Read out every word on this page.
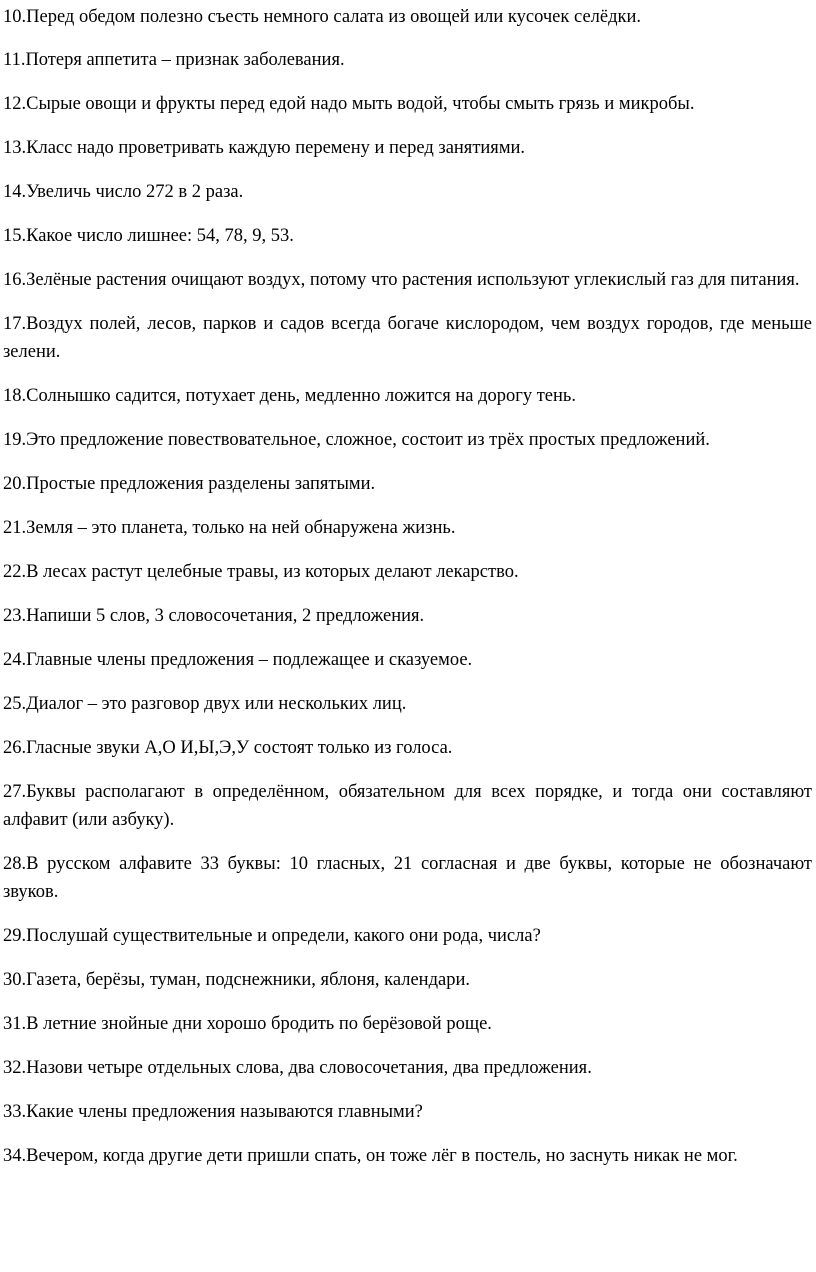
10.Перед обедом полезно съесть немного салата из овощей или кусочек селёдки.

11.Потеря аппетита – признак заболевания.

12.Сырые овощи и фрукты перед едой надо мыть водой, чтобы смыть грязь и микробы.

13.Класс надо проветривать каждую перемену и перед занятиями.

14.Увеличь число 272 в 2 раза.

15.Какое число лишнее: 54, 78, 9, 53.

16.Зелёные растения очищают воздух, потому что растения используют углекислый газ для питания.

17.Воздух полей, лесов, парков и садов всегда богаче кислородом, чем воздух городов, где меньше зелени.

18.Солнышко садится, потухает день, медленно ложится на дорогу тень.

19.Это предложение повествовательное, сложное, состоит из трёх простых предложений.

20.Простые предложения разделены запятыми.

21.Земля – это планета, только на ней обнаружена жизнь.

22.В лесах растут целебные травы, из которых делают лекарство.

23.Напиши 5 слов, 3 словосочетания, 2 предложения.

24.Главные члены предложения – подлежащее и сказуемое.

25.Диалог – это разговор двух или нескольких лиц.

26.Гласные звуки А,О И,Ы,Э,У состоят только из голоса.

27.Буквы располагают в определённом, обязательном для всех порядке, и тогда они составляют алфавит (или азбуку).

28.В русском алфавите 33 буквы: 10 гласных, 21 согласная и две буквы, которые не обозначают звуков.

29.Послушай существительные и определи, какого они рода, числа?

30.Газета, берёзы, туман, подснежники, яблоня, календари.

31.В летние знойные дни хорошо бродить по берёзовой роще.

32.Назови четыре отдельных слова, два словосочетания, два предложения.

33.Какие члены предложения называются главными?

34.Вечером, когда другие дети пришли спать, он тоже лёг в постель, но заснуть никак не мог.
